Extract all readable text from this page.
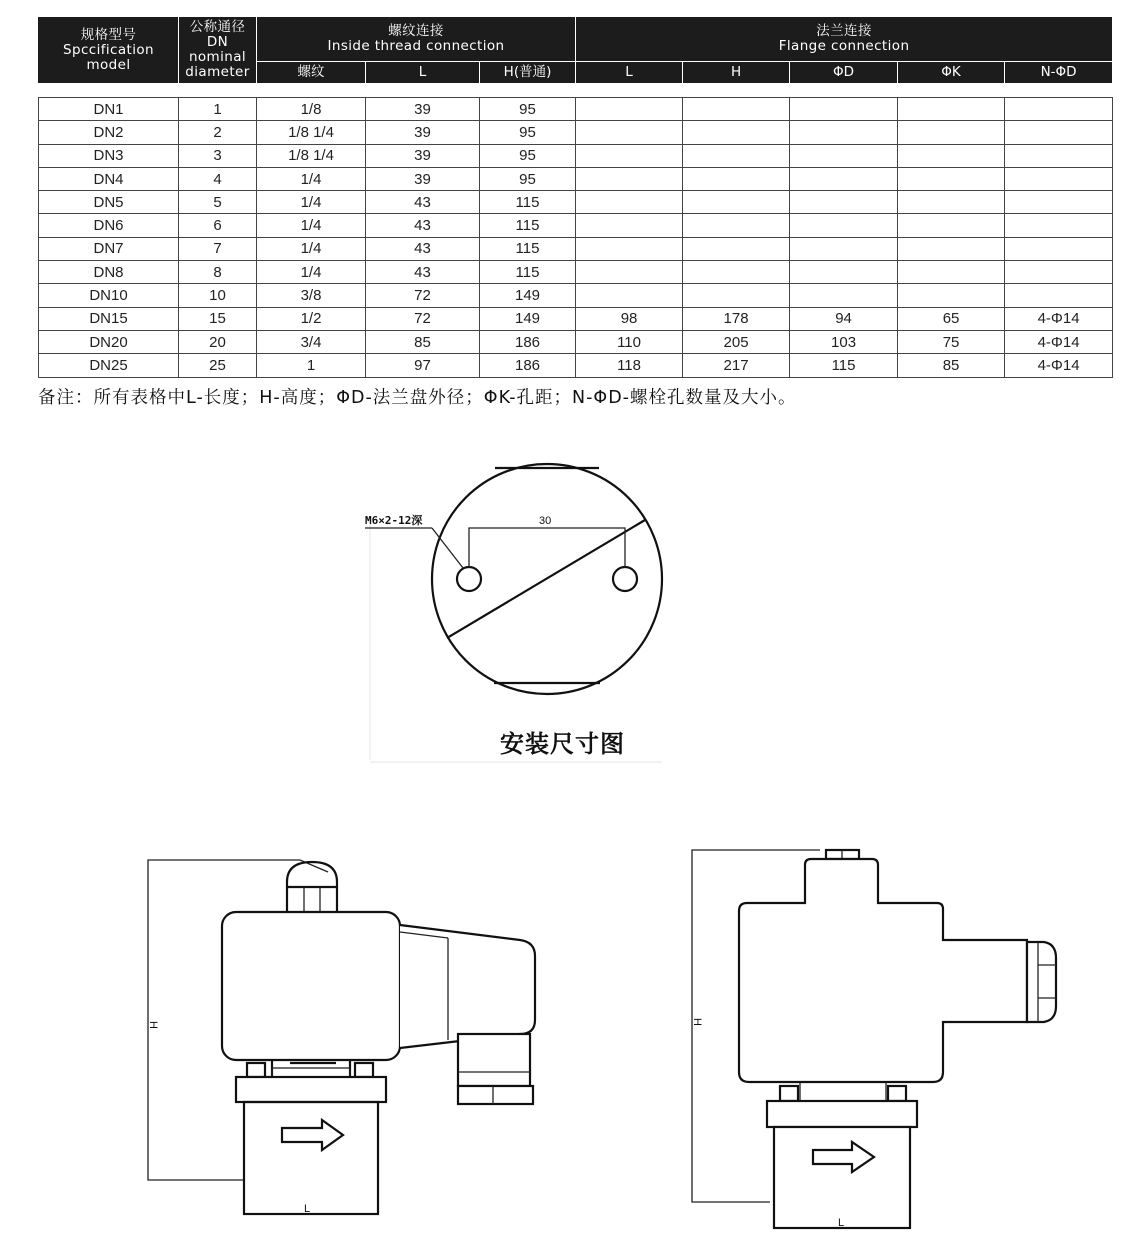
规格型号
Spccification
model	公称通径
DN
nominal
diameter	螺纹连接
Inside thread connection			法兰连接
Flange connection				

		螺纹	L	H(普通)	L	H	ΦD	ΦK	N-ΦD

DN1	1	1/8	39	95					
DN2	2	1/8 1/4	39	95					
DN3	3	1/8 1/4	39	95					
DN4	4	1/4	39	95					
DN5	5	1/4	43	115					
DN6	6	1/4	43	115					
DN7	7	1/4	43	115					
DN8	8	1/4	43	115					
DN10	10	3/8	72	149					
DN15	15	1/2	72	149	98	178	94	65	4-Φ14
DN20	20	3/4	85	186	110	205	103	75	4-Φ14
DN25	25	1	97	186	118	217	115	85	4-Φ14

备注：所有表格中L-长度；H-高度；ΦD-法兰盘外径；ΦK-孔距；N-ΦD-螺栓孔数量及大小。

M6×2-12深	30
H
L
H
L

安装尺寸图
